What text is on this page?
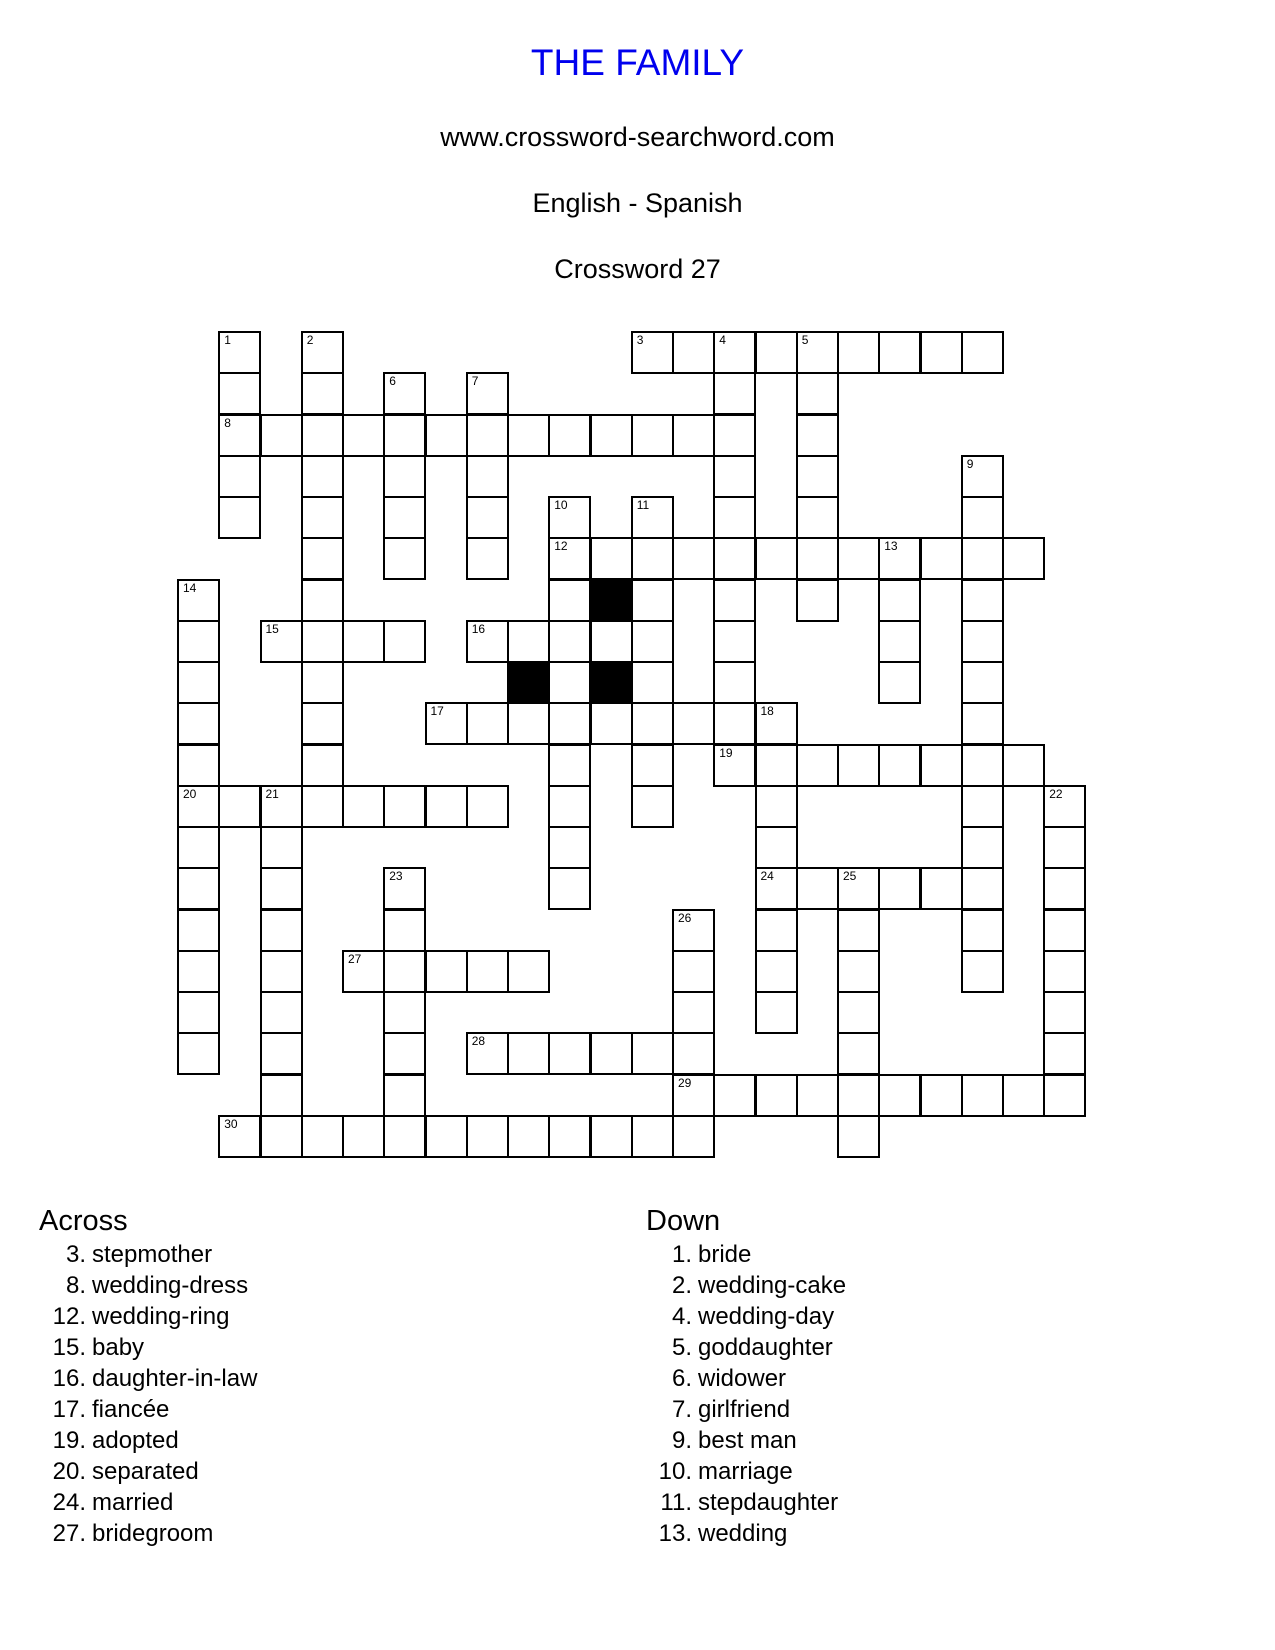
THE FAMILY
www.crossword-searchword.com
English - Spanish
Crossword 27
1
8
2	3	4	5
6	7
9
10
12
11
13
14
20
15	16
17	18
24
19
21	22
23	25
26
29
27
28
30
Across
3. stepmother
8. wedding-dress
12. wedding-ring
15. baby
16. daughter-in-law
17. fiancée
19. adopted
20. separated
24. married
27. bridegroom
Down
1. bride
2. wedding-cake
4. wedding-day
5. goddaughter
6. widower
7. girlfriend
9. best man
10. marriage
11. stepdaughter
13. wedding
